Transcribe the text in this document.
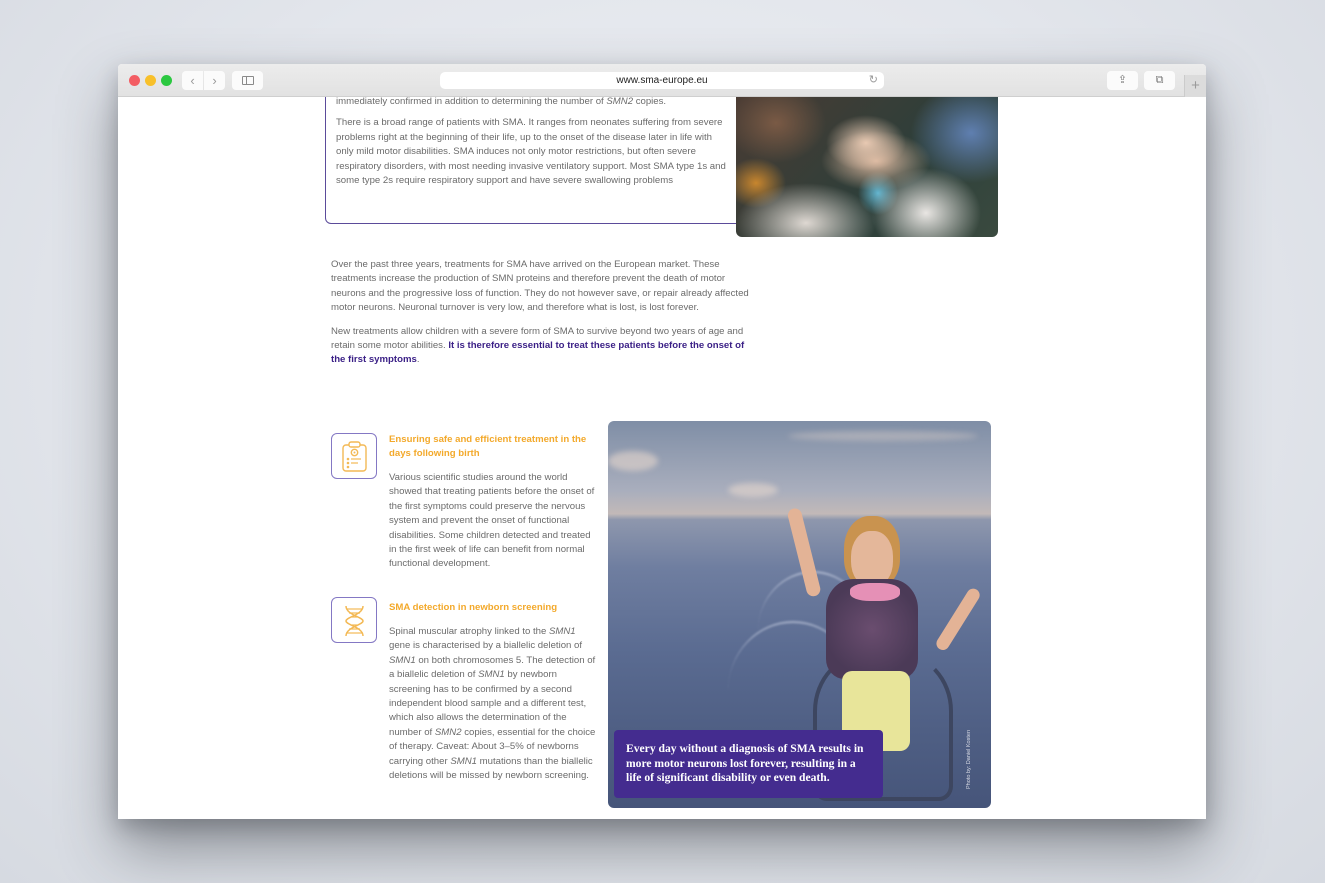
‹	›	www.sma-europe.eu	↻	⇪	⧉	+

immediately confirmed in addition to determining the number of SMN2 copies.

There is a broad range of patients with SMA. It ranges from neonates suffering from severe problems right at the beginning of their life, up to the onset of the disease later in life with only mild motor disabilities. SMA induces not only motor restrictions, but often severe respiratory disorders, with most needing invasive ventilatory support. Most SMA type 1s and some type 2s require respiratory support and have severe swallowing problems

Over the past three years, treatments for SMA have arrived on the European market. These treatments increase the production of SMN proteins and therefore prevent the death of motor neurons and the progressive loss of function. They do not however save, or repair already affected motor neurons. Neuronal turnover is very low, and therefore what is lost, is lost forever.

New treatments allow children with a severe form of SMA to survive beyond two years of age and retain some motor abilities. It is therefore essential to treat these patients before the onset of the first symptoms.

Ensuring safe and efficient treatment in the days following birth
Various scientific studies around the world showed that treating patients before the onset of the first symptoms could preserve the nervous system and prevent the onset of functional disabilities. Some children detected and treated in the first week of life can benefit from normal functional development.
SMA detection in newborn screening
Spinal muscular atrophy linked to the SMN1 gene is characterised by a biallelic deletion of SMN1 on both chromosomes 5. The detection of a biallelic deletion of SMN1 by newborn screening has to be confirmed by a second independent blood sample and a different test, which also allows the determination of the number of SMN2 copies, essential for the choice of therapy. Caveat: About 3–5% of newborns carrying other SMN1 mutations than the biallelic deletions will be missed by newborn screening.
Every day without a diagnosis of SMA results in more motor neurons lost forever, resulting in a life of significant disability or even death.	Photo by: Daniel Kosten
